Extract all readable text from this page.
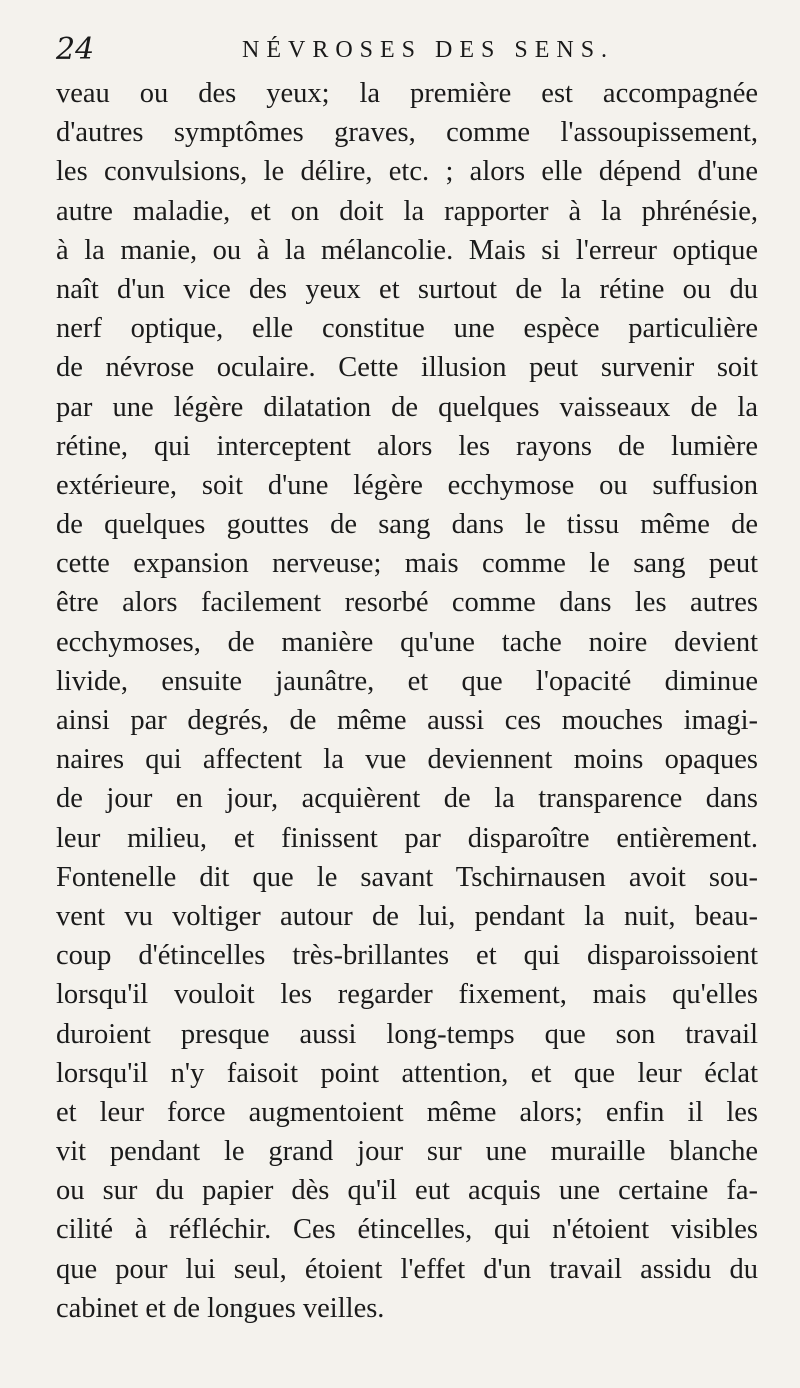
24	NÉVROSES DES SENS.
veau ou des yeux; la première est accompagnée
d'autres symptômes graves, comme l'assoupissement,
les convulsions, le délire, etc. ; alors elle dépend d'une
autre maladie, et on doit la rapporter à la phrénésie,
à la manie, ou à la mélancolie. Mais si l'erreur optique
naît d'un vice des yeux et surtout de la rétine ou du
nerf optique, elle constitue une espèce particulière
de névrose oculaire. Cette illusion peut survenir soit
par une légère dilatation de quelques vaisseaux de la
rétine, qui interceptent alors les rayons de lumière
extérieure, soit d'une légère ecchymose ou suffusion
de quelques gouttes de sang dans le tissu même de
cette expansion nerveuse; mais comme le sang peut
être alors facilement resorbé comme dans les autres
ecchymoses, de manière qu'une tache noire devient
livide, ensuite jaunâtre, et que l'opacité diminue
ainsi par degrés, de même aussi ces mouches imagi-
naires qui affectent la vue deviennent moins opaques
de jour en jour, acquièrent de la transparence dans
leur milieu, et finissent par disparoître entièrement.
Fontenelle dit que le savant Tschirnausen avoit sou-
vent vu voltiger autour de lui, pendant la nuit, beau-
coup d'étincelles très-brillantes et qui disparoissoient
lorsqu'il vouloit les regarder fixement, mais qu'elles
duroient presque aussi long-temps que son travail
lorsqu'il n'y faisoit point attention, et que leur éclat
et leur force augmentoient même alors; enfin il les
vit pendant le grand jour sur une muraille blanche
ou sur du papier dès qu'il eut acquis une certaine fa-
cilité à réfléchir. Ces étincelles, qui n'étoient visibles
que pour lui seul, étoient l'effet d'un travail assidu du
cabinet et de longues veilles.
